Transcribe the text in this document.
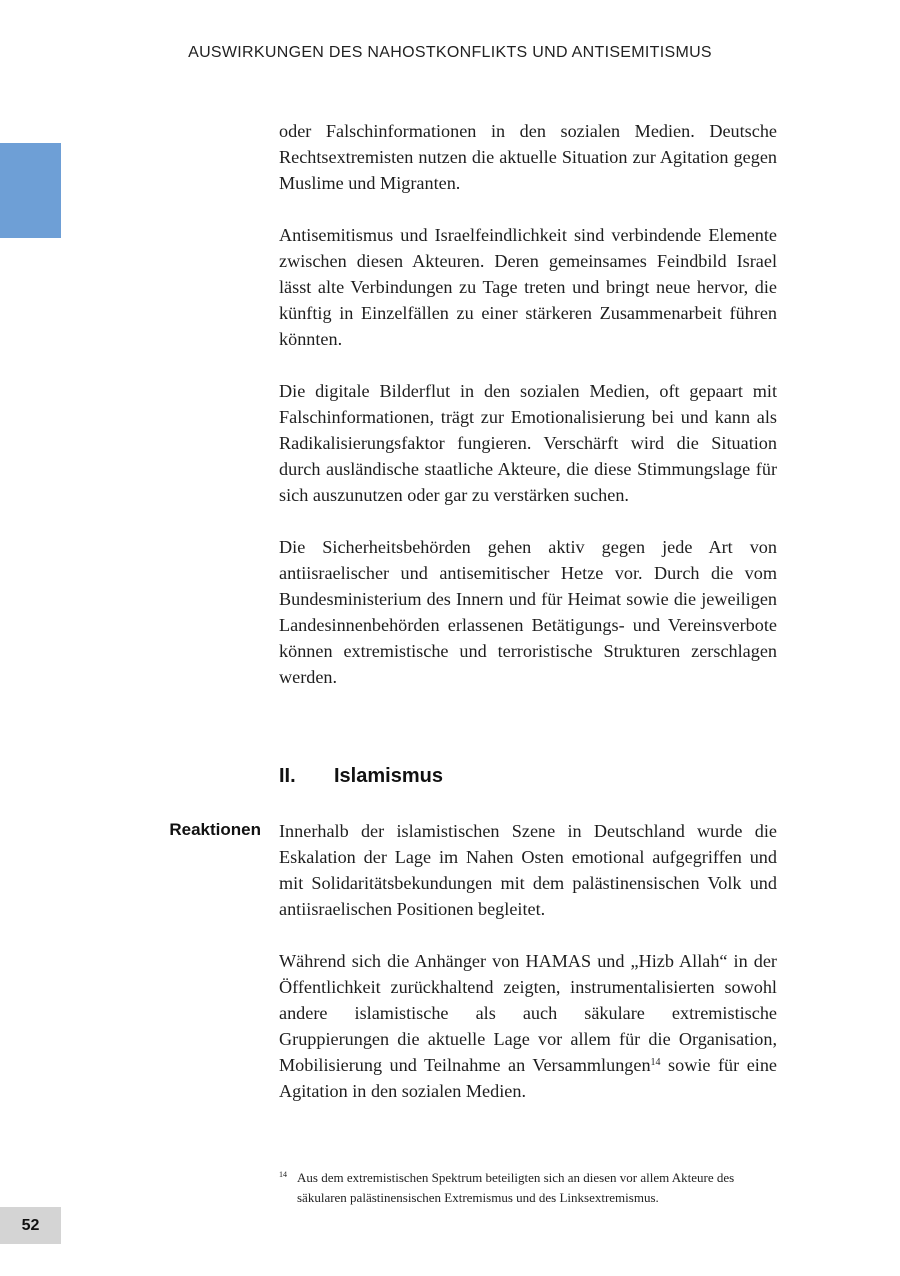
AUSWIRKUNGEN DES NAHOSTKONFLIKTS UND ANTISEMITISMUS

oder Falschinformationen in den sozialen Medien. Deutsche Rechtsextremisten nutzen die aktuelle Situation zur Agitation gegen Muslime und Migranten.

Antisemitismus und Israelfeindlichkeit sind verbindende Elemente zwischen diesen Akteuren. Deren gemeinsames Feindbild Israel lässt alte Verbindungen zu Tage treten und bringt neue hervor, die künftig in Einzelfällen zu einer stärkeren Zusammenarbeit führen könnten.

Die digitale Bilderflut in den sozialen Medien, oft gepaart mit Falschinformationen, trägt zur Emotionalisierung bei und kann als Radikalisierungsfaktor fungieren. Verschärft wird die Situation durch ausländische staatliche Akteure, die diese Stimmungslage für sich auszunutzen oder gar zu verstärken suchen.

Die Sicherheitsbehörden gehen aktiv gegen jede Art von antiisraelischer und antisemitischer Hetze vor. Durch die vom Bundesministerium des Innern und für Heimat sowie die jeweiligen Landesinnenbehörden erlassenen Betätigungs- und Vereinsverbote können extremistische und terroristische Strukturen zerschlagen werden.

II. Islamismus
Reaktionen Innerhalb der islamistischen Szene in Deutschland wurde die Eskalation der Lage im Nahen Osten emotional aufgegriffen und mit Solidaritätsbekundungen mit dem palästinensischen Volk und antiisraelischen Positionen begleitet.

Während sich die Anhänger von HAMAS und „Hizb Allah“ in der Öffentlichkeit zurückhaltend zeigten, instrumentalisierten sowohl andere islamistische als auch säkulare extremistische Gruppierungen die aktuelle Lage vor allem für die Organisation, Mobilisierung und Teilnahme an Versammlungen$^{14}$ sowie für eine Agitation in den sozialen Medien.

14 Aus dem extremistischen Spektrum beteiligten sich an diesen vor allem Akteure des säkularen palästinensischen Extremismus und des Linksextremismus.
52
